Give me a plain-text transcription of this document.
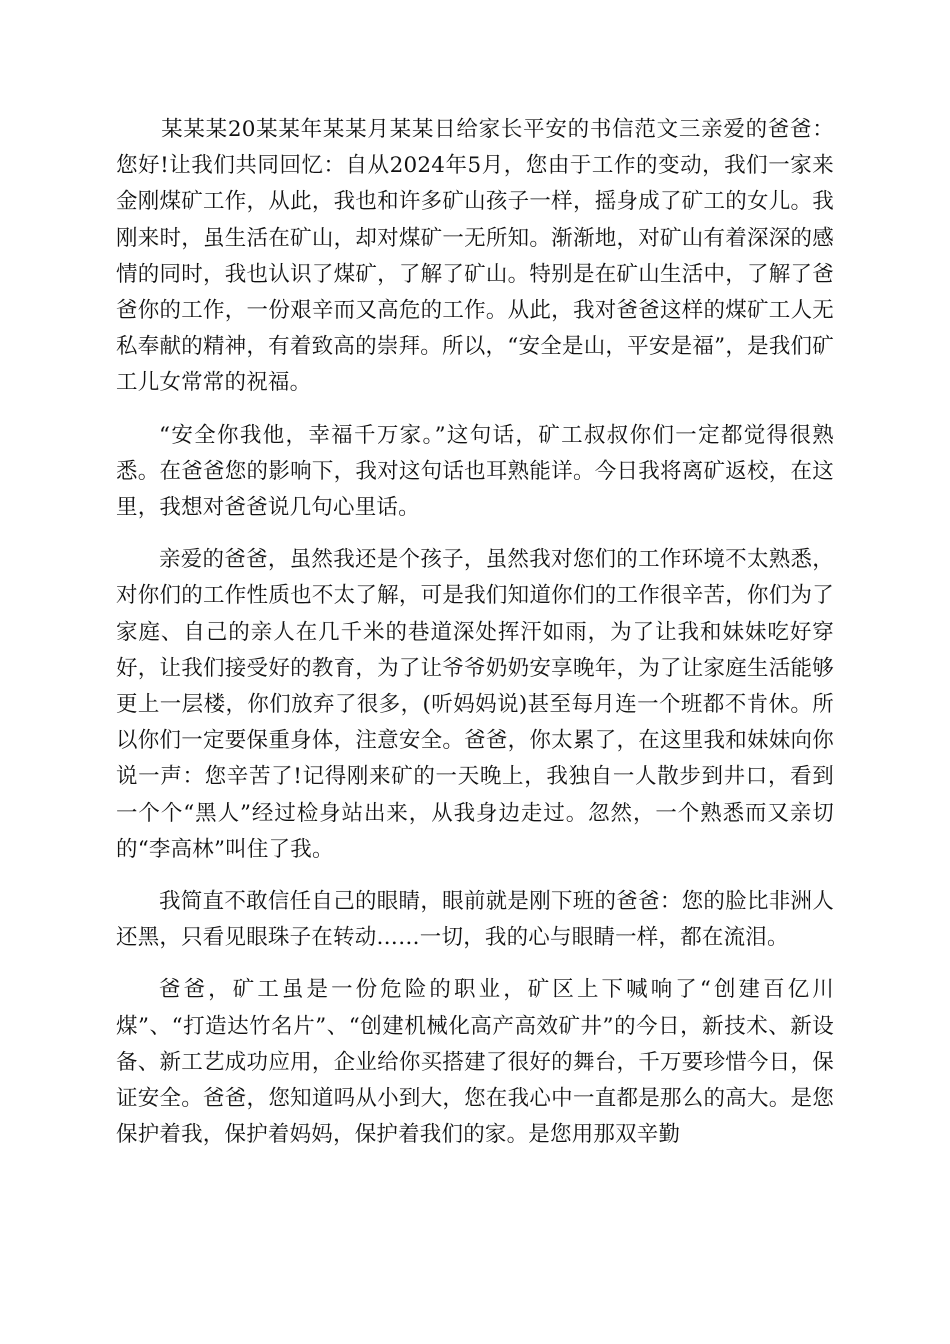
某某某20某某年某某月某某日给家长平安的书信范文三亲爱的爸爸： 您好!让我们共同回忆：自从2024年5月，您由于工作的变动，我们一家来金刚煤矿工作，从此，我也和许多矿山孩子一样，摇身成了矿工的女儿。我刚来时，虽生活在矿山，却对煤矿一无所知。渐渐地，对矿山有着深深的感情的同时，我也认识了煤矿，了解了矿山。特别是在矿山生活中，了解了爸爸你的工作，一份艰辛而又高危的工作。从此，我对爸爸这样的煤矿工人无私奉献的精神，有着致高的崇拜。所以，“安全是山，平安是福”，是我们矿工儿女常常的祝福。

“安全你我他，幸福千万家。”这句话，矿工叔叔你们一定都觉得很熟悉。在爸爸您的影响下，我对这句话也耳熟能详。今日我将离矿返校，在这里，我想对爸爸说几句心里话。

亲爱的爸爸，虽然我还是个孩子，虽然我对您们的工作环境不太熟悉，对你们的工作性质也不太了解，可是我们知道你们的工作很辛苦，你们为了家庭、自己的亲人在几千米的巷道深处挥汗如雨，为了让我和妹妹吃好穿好，让我们接受好的教育，为了让爷爷奶奶安享晚年，为了让家庭生活能够更上一层楼，你们放弃了很多，(听妈妈说)甚至每月连一个班都不肯休。所以你们一定要保重身体，注意安全。爸爸，你太累了，在这里我和妹妹向你说一声：您辛苦了!记得刚来矿的一天晚上，我独自一人散步到井口，看到一个个“黑人”经过检身站出来，从我身边走过。忽然，一个熟悉而又亲切的“李高林”叫住了我。

我简直不敢信任自己的眼睛，眼前就是刚下班的爸爸：您的脸比非洲人还黑，只看见眼珠子在转动……一切，我的心与眼睛一样，都在流泪。

爸爸，矿工虽是一份危险的职业，矿区上下喊响了“创建百亿川煤”、“打造达竹名片”、“创建机械化高产高效矿井”的今日，新技术、新设备、新工艺成功应用，企业给你买搭建了很好的舞台，千万要珍惜今日，保证安全。爸爸，您知道吗从小到大，您在我心中一直都是那么的高大。是您保护着我，保护着妈妈，保护着我们的家。是您用那双辛勤
